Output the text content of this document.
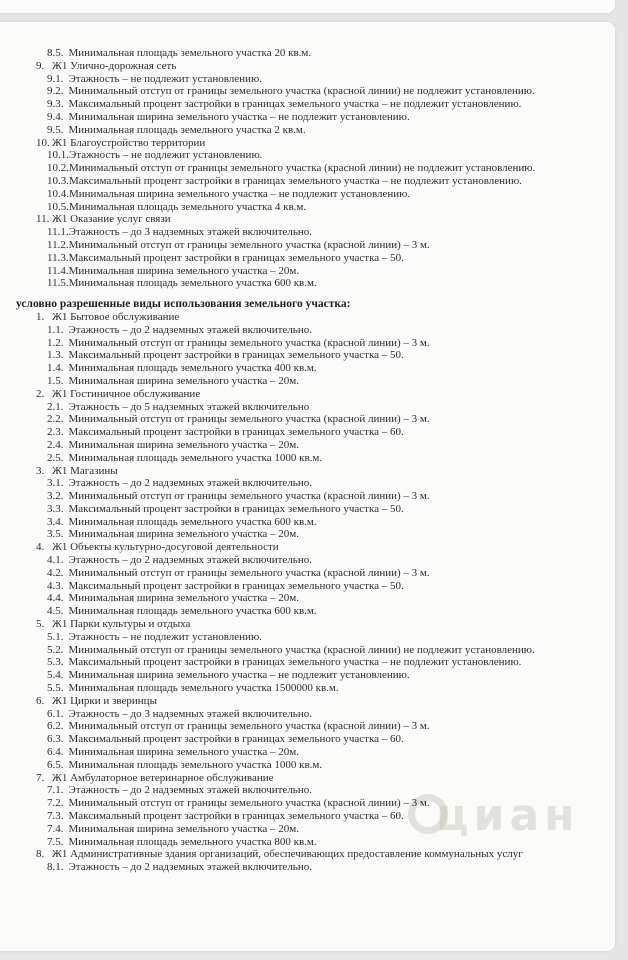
циан
8.5. Минимальная площадь земельного участка 20 кв.м.
9. Ж1 Улично-дорожная сеть
9.1. Этажность – не подлежит установлению.
9.2. Минимальный отступ от границы земельного участка (красной линии) не подлежит установлению.
9.3. Максимальный процент застройки в границах земельного участка – не подлежит установлению.
9.4. Минимальная ширина земельного участка – не подлежит установлению.
9.5. Минимальная площадь земельного участка 2 кв.м.
10. Ж1 Благоустройство территории
10.1. Этажность – не подлежит установлению.
10.2. Минимальный отступ от границы земельного участка (красной линии) не подлежит установлению.
10.3. Максимальный процент застройки в границах земельного участка – не подлежит установлению.
10.4. Минимальная ширина земельного участка – не подлежит установлению.
10.5. Минимальная площадь земельного участка 4 кв.м.
11. Ж1 Оказание услуг связи
11.1. Этажность – до 3 надземных этажей включительно.
11.2. Минимальный отступ от границы земельного участка (красной линии) – 3 м.
11.3. Максимальный процент застройки в границах земельного участка – 50.
11.4. Минимальная ширина земельного участка – 20м.
11.5. Минимальная площадь земельного участка 600 кв.м.
условно разрешенные виды использования земельного участка:
1. Ж1 Бытовое обслуживание
1.1. Этажность – до 2 надземных этажей включительно.
1.2. Минимальный отступ от границы земельного участка (красной линии) – 3 м.
1.3. Максимальный процент застройки в границах земельного участка – 50.
1.4. Минимальная площадь земельного участка 400 кв.м.
1.5. Минимальная ширина земельного участка – 20м.
2. Ж1 Гостиничное обслуживание
2.1. Этажность – до 5 надземных этажей включительно
2.2. Минимальный отступ от границы земельного участка (красной линии) – 3 м.
2.3. Максимальный процент застройки в границах земельного участка – 60.
2.4. Минимальная ширина земельного участка – 20м.
2.5. Минимальная площадь земельного участка 1000 кв.м.
3. Ж1 Магазины
3.1. Этажность – до 2 надземных этажей включительно.
3.2. Минимальный отступ от границы земельного участка (красной линии) – 3 м.
3.3. Максимальный процент застройки в границах земельного участка – 50.
3.4. Минимальная площадь земельного участка 600 кв.м.
3.5. Минимальная ширина земельного участка – 20м.
4. Ж1 Объекты культурно-досуговой деятельности
4.1. Этажность – до 2 надземных этажей включительно.
4.2. Минимальный отступ от границы земельного участка (красной линии) – 3 м.
4.3. Максимальный процент застройки в границах земельного участка – 50.
4.4. Минимальная ширина земельного участка – 20м.
4.5. Минимальная площадь земельного участка 600 кв.м.
5. Ж1 Парки культуры и отдыха
5.1. Этажность – не подлежит установлению.
5.2. Минимальный отступ от границы земельного участка (красной линии) не подлежит установлению.
5.3. Максимальный процент застройки в границах земельного участка – не подлежит установлению.
5.4. Минимальная ширина земельного участка – не подлежит установлению.
5.5. Минимальная площадь земельного участка 1500000 кв.м.
6. Ж1 Цирки и зверинцы
6.1. Этажность – до 3 надземных этажей включительно.
6.2. Минимальный отступ от границы земельного участка (красной линии) – 3 м.
6.3. Максимальный процент застройки в границах земельного участка – 60.
6.4. Минимальная ширина земельного участка – 20м.
6.5. Минимальная площадь земельного участка 1000 кв.м.
7. Ж1 Амбулаторное ветеринарное обслуживание
7.1. Этажность – до 2 надземных этажей включительно.
7.2. Минимальный отступ от границы земельного участка (красной линии) – 3 м.
7.3. Максимальный процент застройки в границах земельного участка – 60.
7.4. Минимальная ширина земельного участка – 20м.
7.5. Минимальная площадь земельного участка 800 кв.м.
8. Ж1 Административные здания организаций, обеспечивающих предоставление коммунальных услуг
8.1. Этажность – до 2 надземных этажей включительно.
